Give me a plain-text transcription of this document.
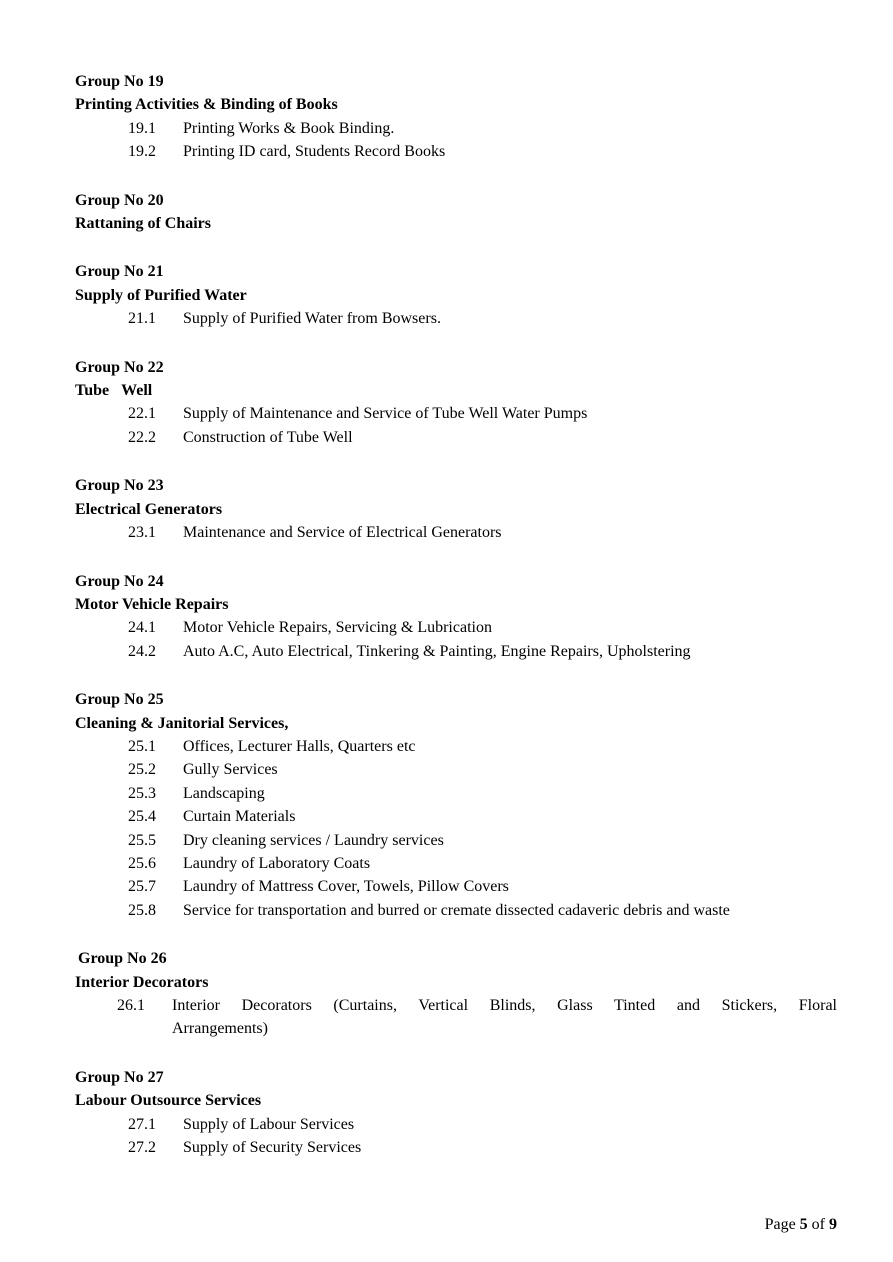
Group No 19
Printing Activities & Binding of Books
19.1	Printing Works & Book Binding.
19.2	Printing ID card, Students Record Books
Group No 20
Rattaning of Chairs
Group No 21
Supply of Purified Water
21.1	Supply of Purified Water from Bowsers.
Group No 22
Tube   Well
22.1	Supply of Maintenance and Service of Tube Well Water Pumps
22.2	Construction of Tube Well
Group No 23
Electrical Generators
23.1	Maintenance and Service of Electrical Generators
Group No 24
Motor Vehicle Repairs
24.1	Motor Vehicle Repairs, Servicing & Lubrication
24.2	Auto A.C, Auto Electrical, Tinkering & Painting, Engine Repairs, Upholstering
Group No 25
Cleaning & Janitorial Services,
25.1	Offices, Lecturer Halls, Quarters etc
25.2	Gully Services
25.3	Landscaping
25.4	Curtain Materials
25.5	Dry cleaning services / Laundry services
25.6	Laundry of Laboratory Coats
25.7	Laundry of Mattress Cover, Towels, Pillow Covers
25.8	Service for transportation and burred or cremate dissected cadaveric debris and waste
Group No 26
Interior Decorators
26.1	Interior Decorators (Curtains, Vertical Blinds, Glass Tinted and Stickers, Floral
Arrangements)
Group No 27
Labour Outsource Services
27.1	Supply of Labour Services
27.2	Supply of Security Services

Page 5 of 9
